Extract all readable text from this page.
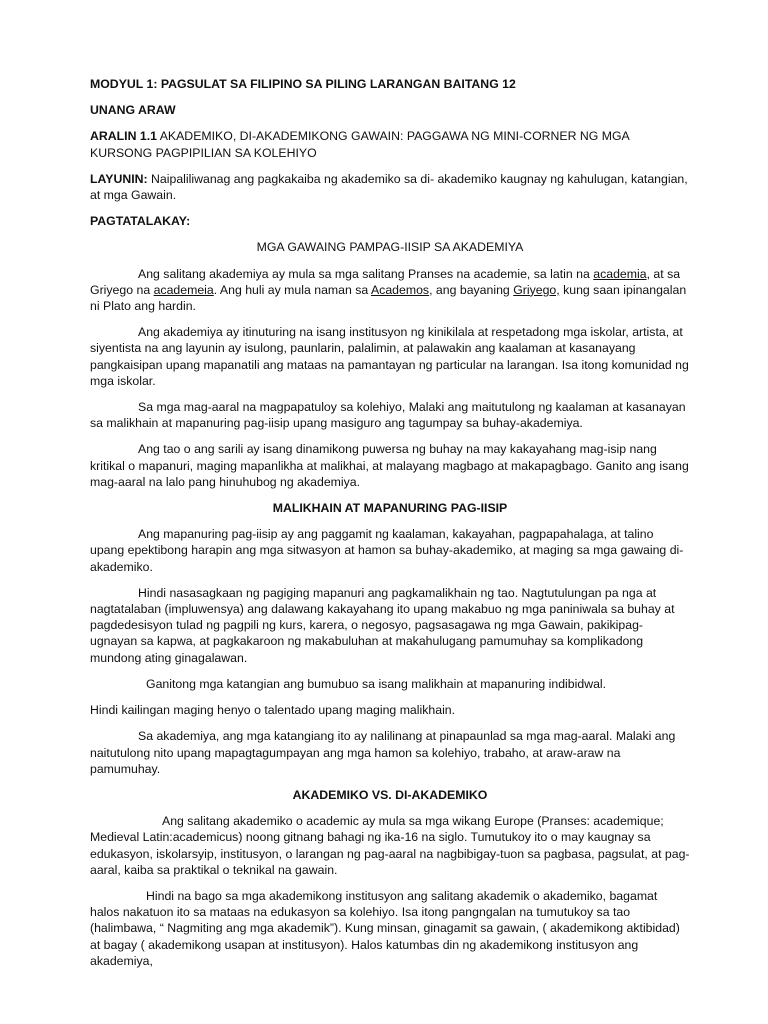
MODYUL 1: PAGSULAT SA FILIPINO SA PILING LARANGAN BAITANG 12

UNANG ARAW

ARALIN 1.1 AKADEMIKO, DI-AKADEMIKONG GAWAIN: PAGGAWA NG MINI-CORNER NG MGA KURSONG PAGPIPILIAN SA KOLEHIYO

LAYUNIN: Naipaliliwanag ang pagkakaiba ng akademiko sa di- akademiko kaugnay ng kahulugan, katangian, at mga Gawain.

PAGTATALAKAY:

MGA GAWAING PAMPAG-IISIP SA AKADEMIYA

Ang salitang akademiya ay mula sa mga salitang Pranses na academie, sa latin na academia, at sa Griyego na academeia. Ang huli ay mula naman sa Academos, ang bayaning Griyego, kung saan ipinangalan ni Plato ang hardin.

Ang akademiya ay itinuturing na isang institusyon ng kinikilala at respetadong mga iskolar, artista, at siyentista na ang layunin ay isulong, paunlarin, palalimin, at palawakin ang kaalaman at kasanayang pangkaisipan upang mapanatili ang mataas na pamantayan ng particular na larangan. Isa itong komunidad ng mga iskolar.

Sa mga mag-aaral na magpapatuloy sa kolehiyo, Malaki ang maitutulong ng kaalaman at kasanayan sa malikhain at mapanuring pag-iisip upang masiguro ang tagumpay sa buhay-akademiya.

Ang tao o ang sarili ay isang dinamikong puwersa ng buhay na may kakayahang mag-isip nang kritikal o mapanuri, maging mapanlikha at malikhai, at malayang magbago at makapagbago. Ganito ang isang mag-aaral na lalo pang hinuhubog ng akademiya.

MALIKHAIN AT MAPANURING PAG-IISIP

Ang mapanuring pag-iisip ay ang paggamit ng kaalaman, kakayahan, pagpapahalaga, at talino upang epektibong harapin ang mga sitwasyon at hamon sa buhay-akademiko, at maging sa mga gawaing di-akademiko.

Hindi nasasagkaan ng pagiging mapanuri ang pagkamalikhain ng tao. Nagtutulungan pa nga at nagtatalaban (impluwensya) ang dalawang kakayahang ito upang makabuo ng mga paniniwala sa buhay at pagdedesisyon tulad ng pagpili ng kurs, karera, o negosyo, pagsasagawa ng mga Gawain, pakikipag-ugnayan sa kapwa, at pagkakaroon ng makabuluhan at makahulugang pamumuhay sa komplikadong mundong ating ginagalawan.

Ganitong mga katangian ang bumubuo sa isang malikhain at mapanuring indibidwal.

Hindi kailingan maging henyo o talentado upang maging malikhain.

Sa akademiya, ang mga katangiang ito ay nalilinang at pinapaunlad sa mga mag-aaral. Malaki ang naitutulong nito upang mapagtagumpayan ang mga hamon sa kolehiyo, trabaho, at araw-araw na pamumuhay.

AKADEMIKO VS. DI-AKADEMIKO

Ang salitang akademiko o academic ay mula sa mga wikang Europe (Pranses: academique; Medieval Latin:academicus) noong gitnang bahagi ng ika-16 na siglo. Tumutukoy ito o may kaugnay sa edukasyon, iskolarsyip, institusyon, o larangan ng pag-aaral na nagbibigay-tuon sa pagbasa, pagsulat, at pag-aaral, kaiba sa praktikal o teknikal na gawain.

Hindi na bago sa mga akademikong institusyon ang salitang akademik o akademiko, bagamat halos nakatuon ito sa mataas na edukasyon sa kolehiyo. Isa itong pangngalan na tumutukoy sa tao (halimbawa, “ Nagmiting ang mga akademik”). Kung minsan, ginagamit sa gawain, ( akademikong aktibidad) at bagay ( akademikong usapan at institusyon). Halos katumbas din ng akademikong institusyon ang akademiya,
